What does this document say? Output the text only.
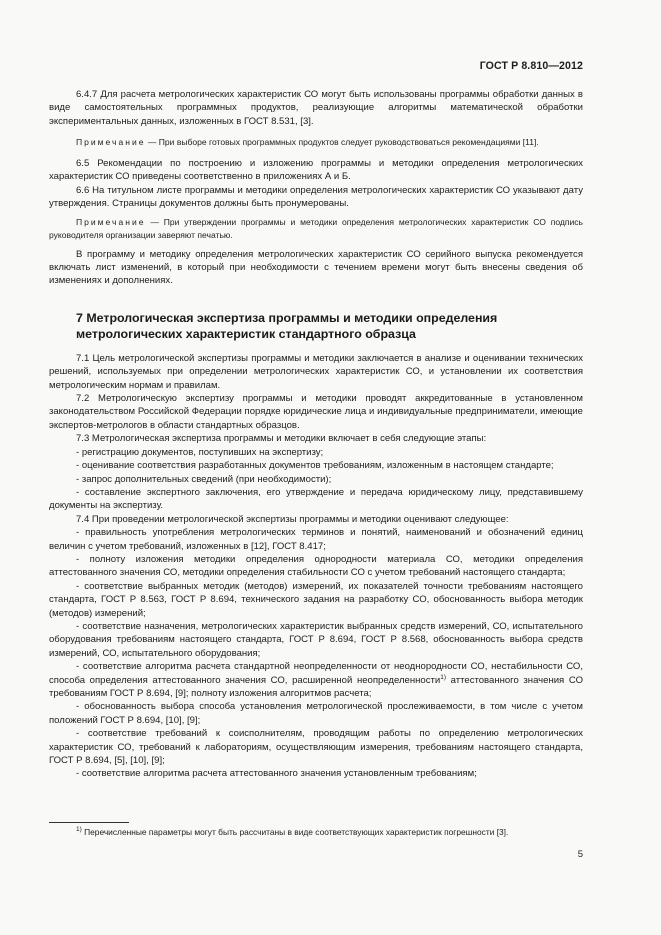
ГОСТ Р 8.810—2012

6.4.7 Для расчета метрологических характеристик СО могут быть использованы программы обработки данных в виде самостоятельных программных продуктов, реализующие алгоритмы математической обработки экспериментальных данных, изложенных в ГОСТ 8.531, [3].

Примечание — При выборе готовых программных продуктов следует руководствоваться рекомендациями [11].

6.5 Рекомендации по построению и изложению программы и методики определения метрологических характеристик СО приведены соответственно в приложениях А и Б.

6.6 На титульном листе программы и методики определения метрологических характеристик СО указывают дату утверждения. Страницы документов должны быть пронумерованы.

Примечание — При утверждении программы и методики определения метрологических характеристик СО подпись руководителя организации заверяют печатью.

В программу и методику определения метрологических характеристик СО серийного выпуска рекомендуется включать лист изменений, в который при необходимости с течением времени могут быть внесены сведения об изменениях и дополнениях.

7 Метрологическая экспертиза программы и методики определения
метрологических характеристик стандартного образца

7.1 Цель метрологической экспертизы программы и методики заключается в анализе и оценивании технических решений, используемых при определении метрологических характеристик СО, и установлении их соответствия метрологическим нормам и правилам.

7.2 Метрологическую экспертизу программы и методики проводят аккредитованные в установленном законодательством Российской Федерации порядке юридические лица и индивидуальные предприниматели, имеющие экспертов-метрологов в области стандартных образцов.

7.3 Метрологическая экспертиза программы и методики включает в себя следующие этапы:

- регистрацию документов, поступивших на экспертизу;

- оценивание соответствия разработанных документов требованиям, изложенным в настоящем стандарте;

- запрос дополнительных сведений (при необходимости);

- составление экспертного заключения, его утверждение и передача юридическому лицу, представившему документы на экспертизу.

7.4 При проведении метрологической экспертизы программы и методики оценивают следующее:

- правильность употребления метрологических терминов и понятий, наименований и обозначений единиц величин с учетом требований, изложенных в [12], ГОСТ 8.417;

- полноту изложения методики определения однородности материала СО, методики определения аттестованного значения СО, методики определения стабильности СО с учетом требований настоящего стандарта;

- соответствие выбранных методик (методов) измерений, их показателей точности требованиям настоящего стандарта, ГОСТ Р 8.563, ГОСТ Р 8.694, технического задания на разработку СО, обоснованность выбора методик (методов) измерений;

- соответствие назначения, метрологических характеристик выбранных средств измерений, СО, испытательного оборудования требованиям настоящего стандарта, ГОСТ Р 8.694, ГОСТ Р 8.568, обоснованность выбора средств измерений, СО, испытательного оборудования;

- соответствие алгоритма расчета стандартной неопределенности от неоднородности СО, нестабильности СО, способа определения аттестованного значения СО, расширенной неопределенности$^{1)}$ аттестованного значения СО требованиям ГОСТ Р 8.694, [9]; полноту изложения алгоритмов расчета;

- обоснованность выбора способа установления метрологической прослеживаемости, в том числе с учетом положений ГОСТ Р 8.694, [10], [9];

- соответствие требований к соисполнителям, проводящим работы по определению метрологических характеристик СО, требований к лабораториям, осуществляющим измерения, требованиям настоящего стандарта, ГОСТ Р 8.694, [5], [10], [9];

- соответствие алгоритма расчета аттестованного значения установленным требованиям;

$^{1)}$ Перечисленные параметры могут быть рассчитаны в виде соответствующих характеристик погрешности [3].

5
